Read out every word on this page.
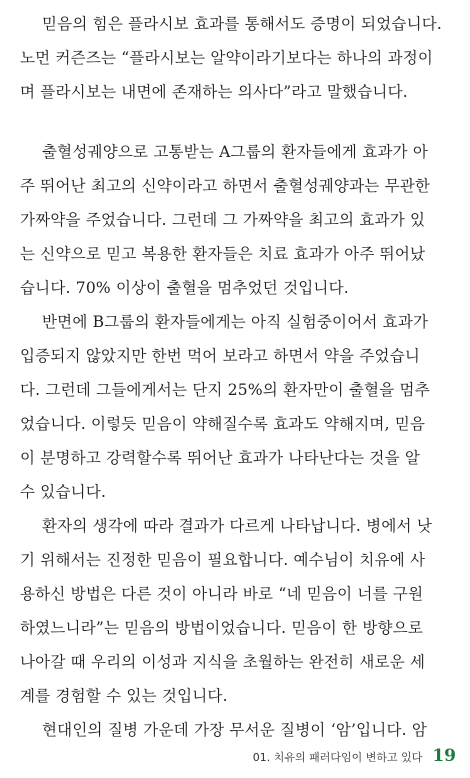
믿음의 힘은 플라시보 효과를 통해서도 증명이 되었습니다.
노먼 커즌즈는 “플라시보는 알약이라기보다는 하나의 과정이
며 플라시보는 내면에 존재하는 의사다”라고 말했습니다.
출혈성궤양으로 고통받는 A그룹의 환자들에게 효과가 아
주 뛰어난 최고의 신약이라고 하면서 출혈성궤양과는 무관한
가짜약을 주었습니다. 그런데 그 가짜약을 최고의 효과가 있
는 신약으로 믿고 복용한 환자들은 치료 효과가 아주 뛰어났
습니다. 70% 이상이 출혈을 멈추었던 것입니다.
반면에 B그룹의 환자들에게는 아직 실험중이어서 효과가
입증되지 않았지만 한번 먹어 보라고 하면서 약을 주었습니
다. 그런데 그들에게서는 단지 25%의 환자만이 출혈을 멈추
었습니다. 이렇듯 믿음이 약해질수록 효과도 약해지며, 믿음
이 분명하고 강력할수록 뛰어난 효과가 나타난다는 것을 알
수 있습니다.
환자의 생각에 따라 결과가 다르게 나타납니다. 병에서 낫
기 위해서는 진정한 믿음이 필요합니다. 예수님이 치유에 사
용하신 방법은 다른 것이 아니라 바로 “네 믿음이 너를 구원
하였느니라”는 믿음의 방법이었습니다. 믿음이 한 방향으로
나아갈 때 우리의 이성과 지식을 초월하는 완전히 새로운 세
계를 경험할 수 있는 것입니다.
현대인의 질병 가운데 가장 무서운 질병이 ‘암’입니다. 암
01. 치유의 패러다임이 변하고 있다 19
